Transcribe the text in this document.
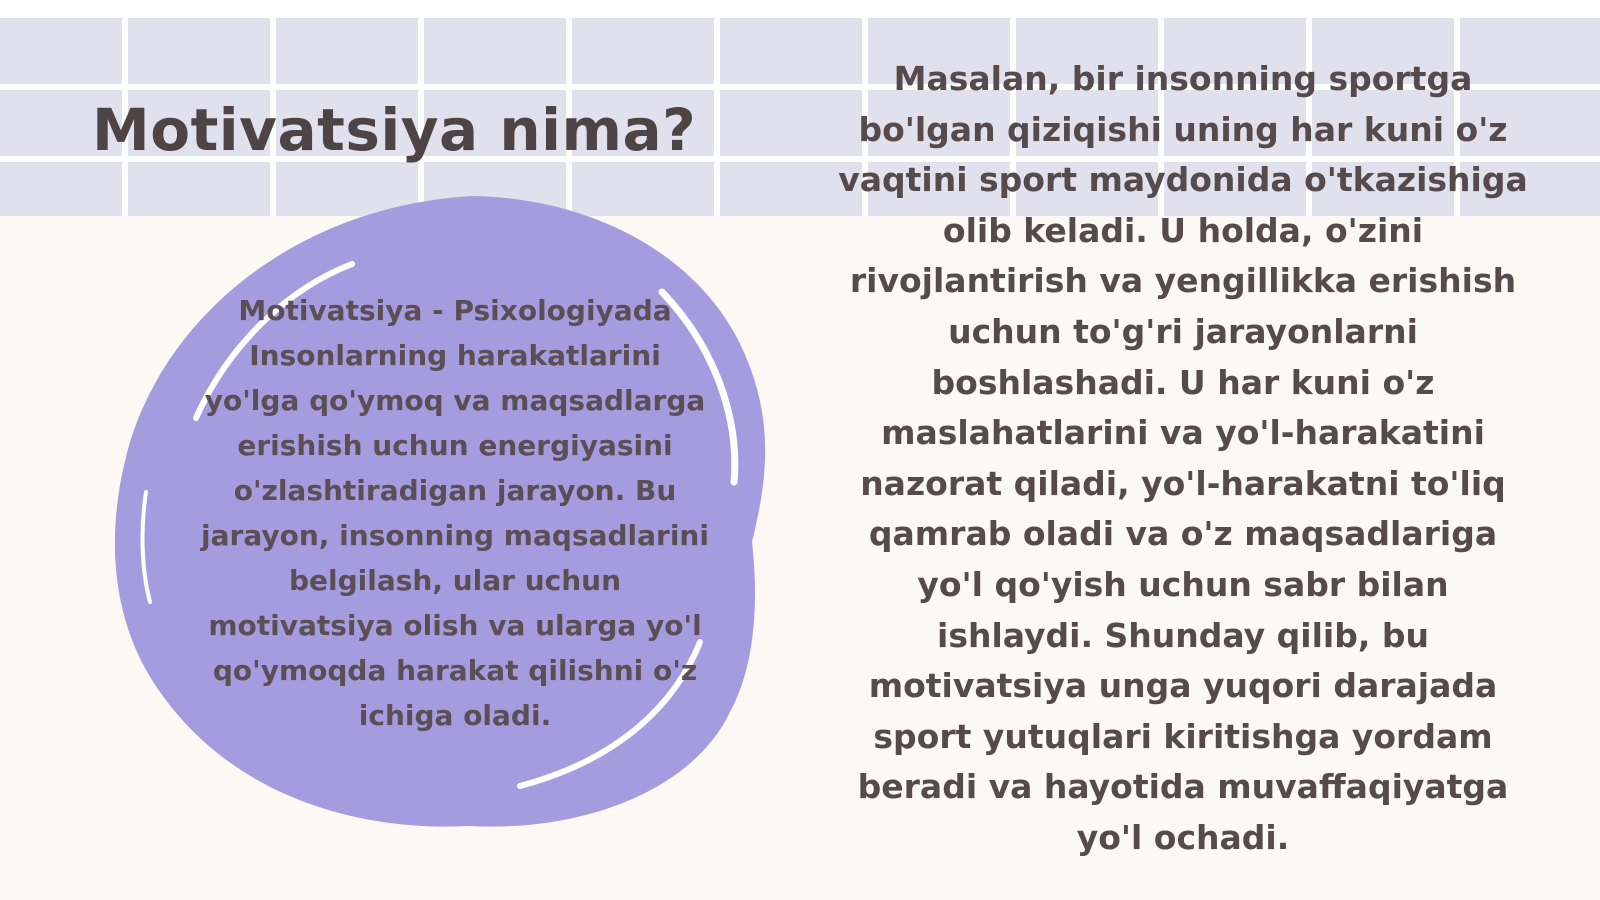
Motivatsiya nima?

Motivatsiya - Psixologiyada Insonlarning harakatlarini yo'lga qo'ymoq va maqsadlarga erishish uchun energiyasini o'zlashtiradigan jarayon. Bu jarayon, insonning maqsadlarini belgilash, ular uchun motivatsiya olish va ularga yo'l qo'ymoqda harakat qilishni o'z ichiga oladi.

Masalan, bir insonning sportga bo'lgan qiziqishi uning har kuni o'z vaqtini sport maydonida o'tkazishiga olib keladi. U holda, o'zini rivojlantirish va yengillikka erishish uchun to'g'ri jarayonlarni boshlashadi. U har kuni o'z maslahatlarini va yo'l-harakatini nazorat qiladi, yo'l-harakatni to'liq qamrab oladi va o'z maqsadlariga yo'l qo'yish uchun sabr bilan ishlaydi. Shunday qilib, bu motivatsiya unga yuqori darajada sport yutuqlari kiritishga yordam beradi va hayotida muvaffaqiyatga yo'l ochadi.
